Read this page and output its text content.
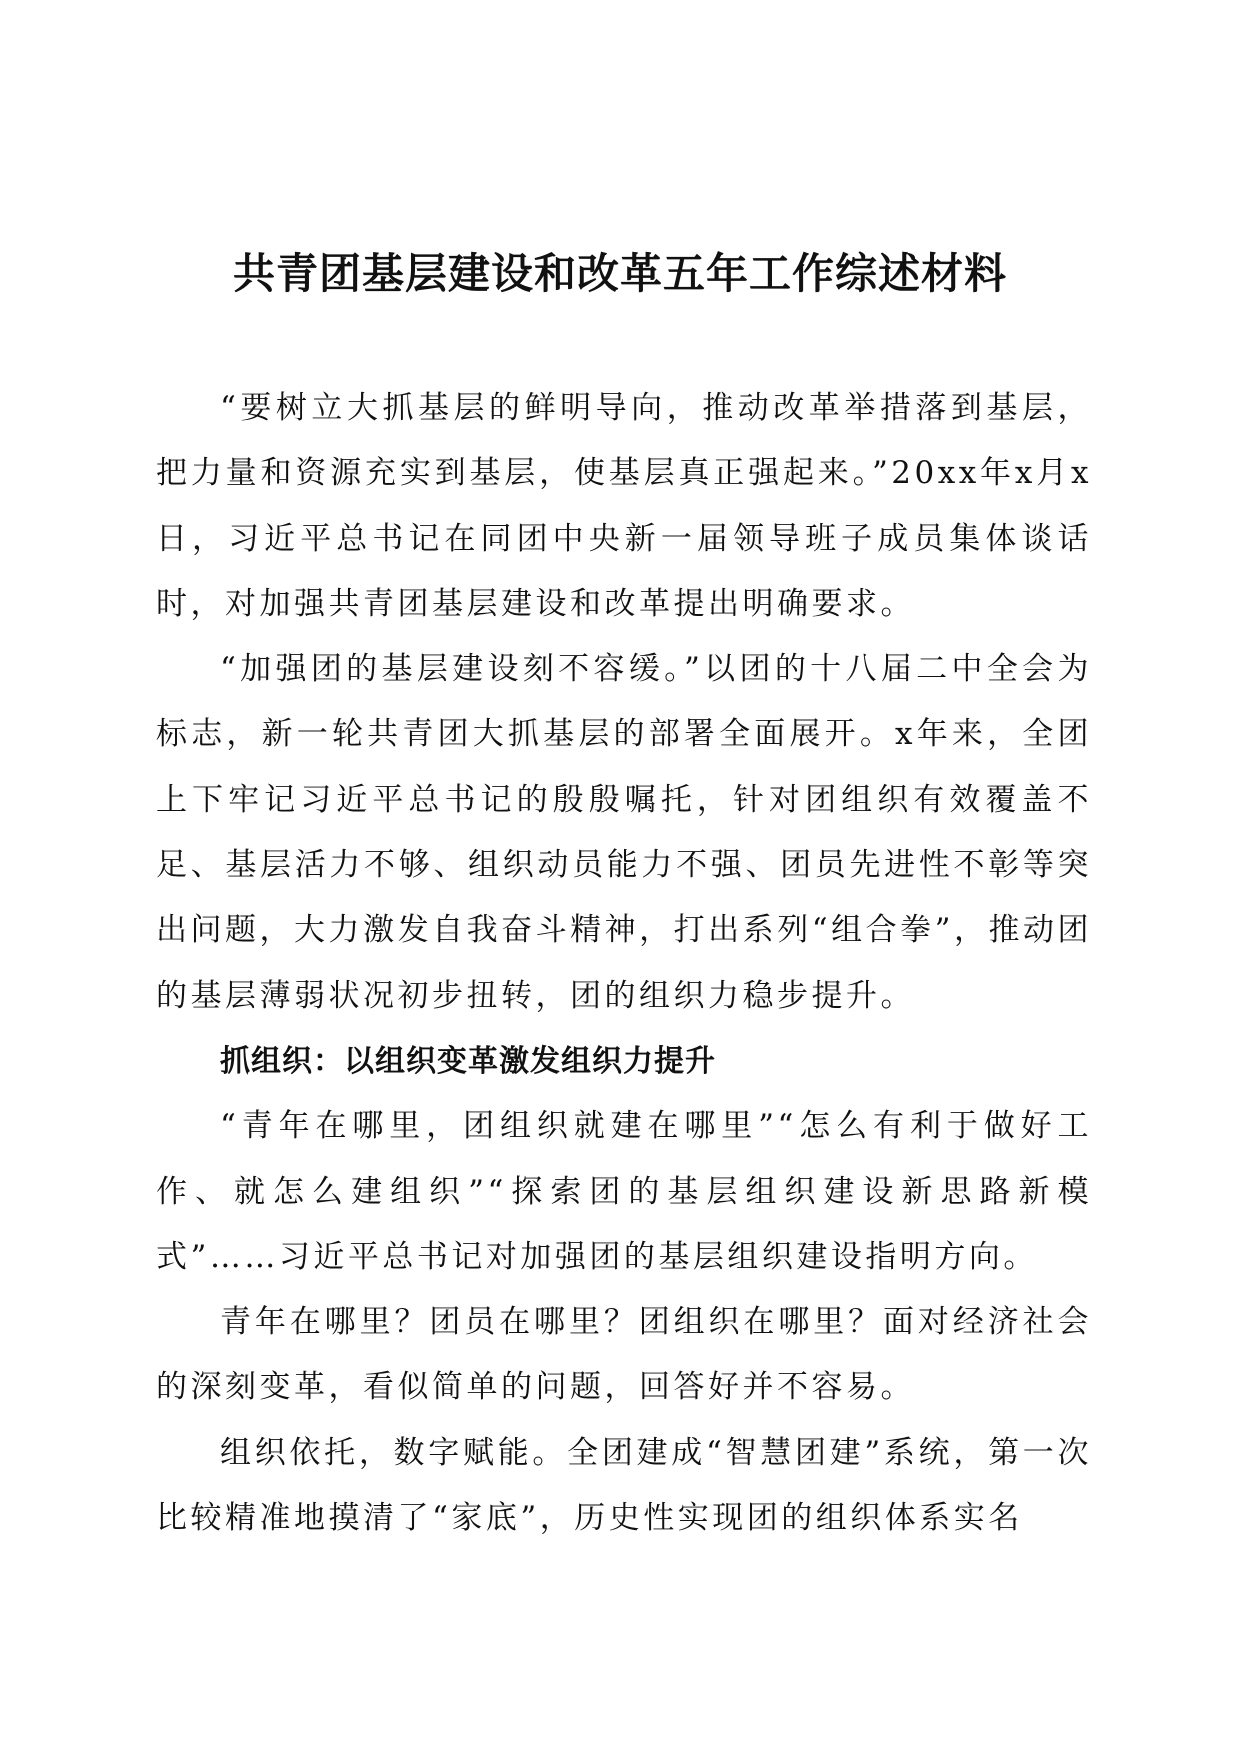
共青团基层建设和改革五年工作综述材料

“要树立大抓基层的鲜明导向，推动改革举措落到基层，把力量和资源充实到基层，使基层真正强起来。”20xx年x月x日，习近平总书记在同团中央新一届领导班子成员集体谈话时，对加强共青团基层建设和改革提出明确要求。

“加强团的基层建设刻不容缓。”以团的十八届二中全会为标志，新一轮共青团大抓基层的部署全面展开。x年来，全团上下牢记习近平总书记的殷殷嘱托，针对团组织有效覆盖不足、基层活力不够、组织动员能力不强、团员先进性不彰等突出问题，大力激发自我奋斗精神，打出系列“组合拳”，推动团的基层薄弱状况初步扭转，团的组织力稳步提升。

抓组织：以组织变革激发组织力提升

“青年在哪里，团组织就建在哪里”“怎么有利于做好工作、就怎么建组织”“探索团的基层组织建设新思路新模式”……习近平总书记对加强团的基层组织建设指明方向。

青年在哪里？团员在哪里？团组织在哪里？面对经济社会的深刻变革，看似简单的问题，回答好并不容易。

组织依托，数字赋能。全团建成“智慧团建”系统，第一次比较精准地摸清了“家底”，历史性实现团的组织体系实名
